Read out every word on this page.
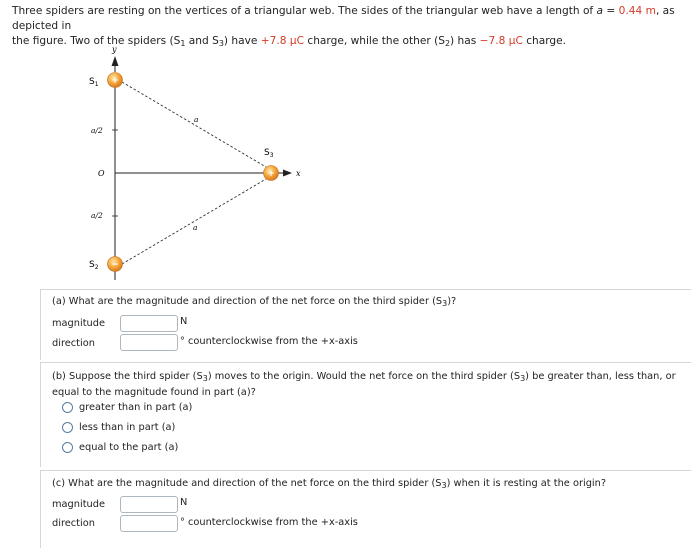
Three spiders are resting on the vertices of a triangular web. The sides of the triangular web have a length of a = 0.44 m, as depicted in
the figure. Two of the spiders ($S_1$ and $S_3$) have +7.8 µC charge, while the other $(S_2)$ has −7.8 µC charge.
y
x
O
a/2
a/2
a
a
+
$S_1$
−
$S_2$
+
$S_3$
(a) What are the magnitude and direction of the net force on the third spider $(S_3)$?
magnitude	N
direction	° counterclockwise from the +x-axis
(b) Suppose the third spider $(S_3)$ moves to the origin. Would the net force on the third spider $(S_3)$ be greater than, less than, or
equal to the magnitude found in part (a)?
greater than in part (a)
less than in part (a)
equal to the part (a)
(c) What are the magnitude and direction of the net force on the third spider $(S_3)$ when it is resting at the origin?
magnitude	N
direction	° counterclockwise from the +x-axis
